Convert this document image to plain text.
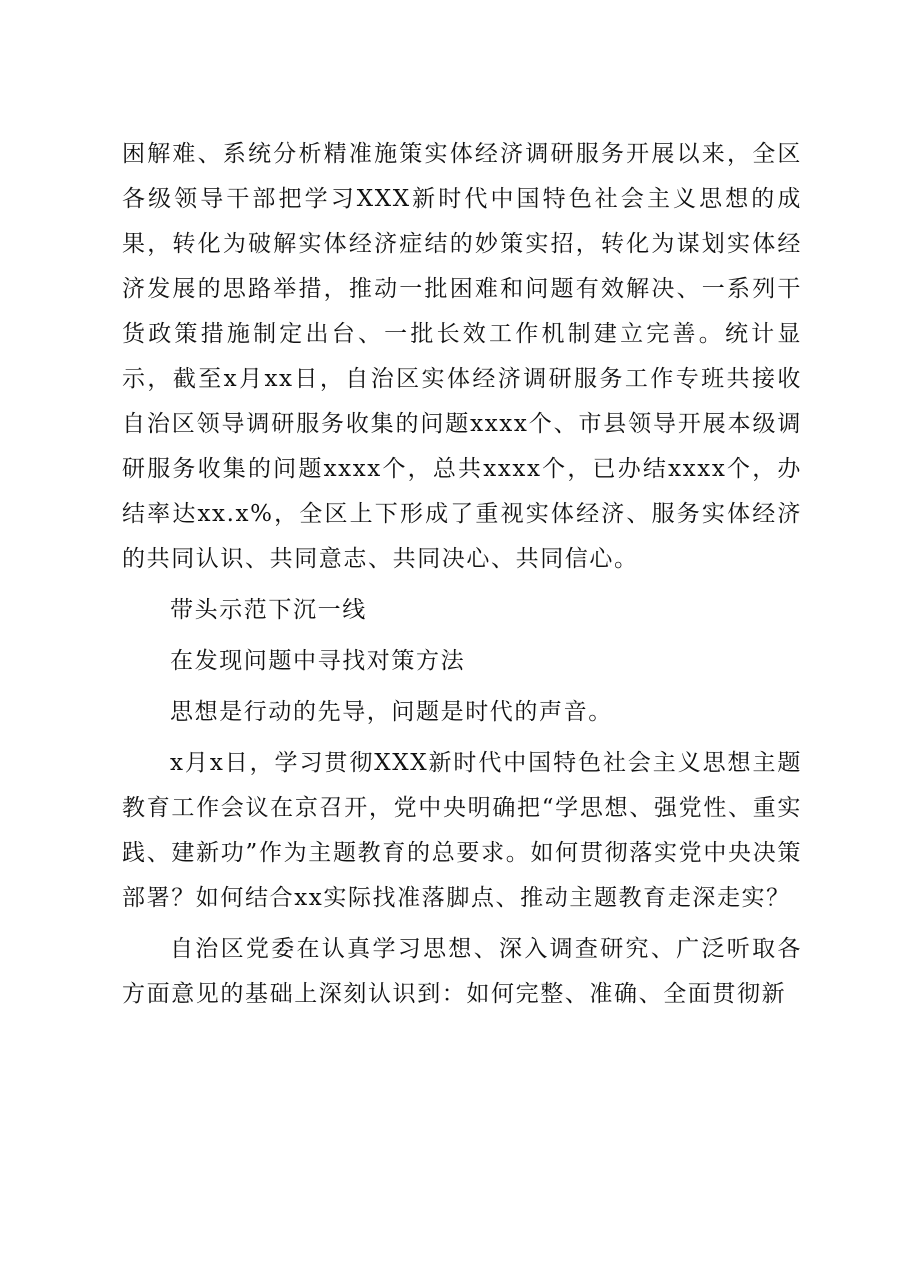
困解难、系统分析精准施策实体经济调研服务开展以来，全区各级领导干部把学习XXX新时代中国特色社会主义思想的成果，转化为破解实体经济症结的妙策实招，转化为谋划实体经济发展的思路举措，推动一批困难和问题有效解决、一系列干货政策措施制定出台、一批长效工作机制建立完善。统计显示，截至x月xx日，自治区实体经济调研服务工作专班共接收自治区领导调研服务收集的问题xxxx个、市县领导开展本级调研服务收集的问题xxxx个，总共xxxx个，已办结xxxx个，办结率达xx.x%，全区上下形成了重视实体经济、服务实体经济的共同认识、共同意志、共同决心、共同信心。

带头示范下沉一线

在发现问题中寻找对策方法

思想是行动的先导，问题是时代的声音。

x月x日，学习贯彻XXX新时代中国特色社会主义思想主题教育工作会议在京召开，党中央明确把“学思想、强党性、重实践、建新功”作为主题教育的总要求。如何贯彻落实党中央决策部署？如何结合xx实际找准落脚点、推动主题教育走深走实？

自治区党委在认真学习思想、深入调查研究、广泛听取各方面意见的基础上深刻认识到：如何完整、准确、全面贯彻新
